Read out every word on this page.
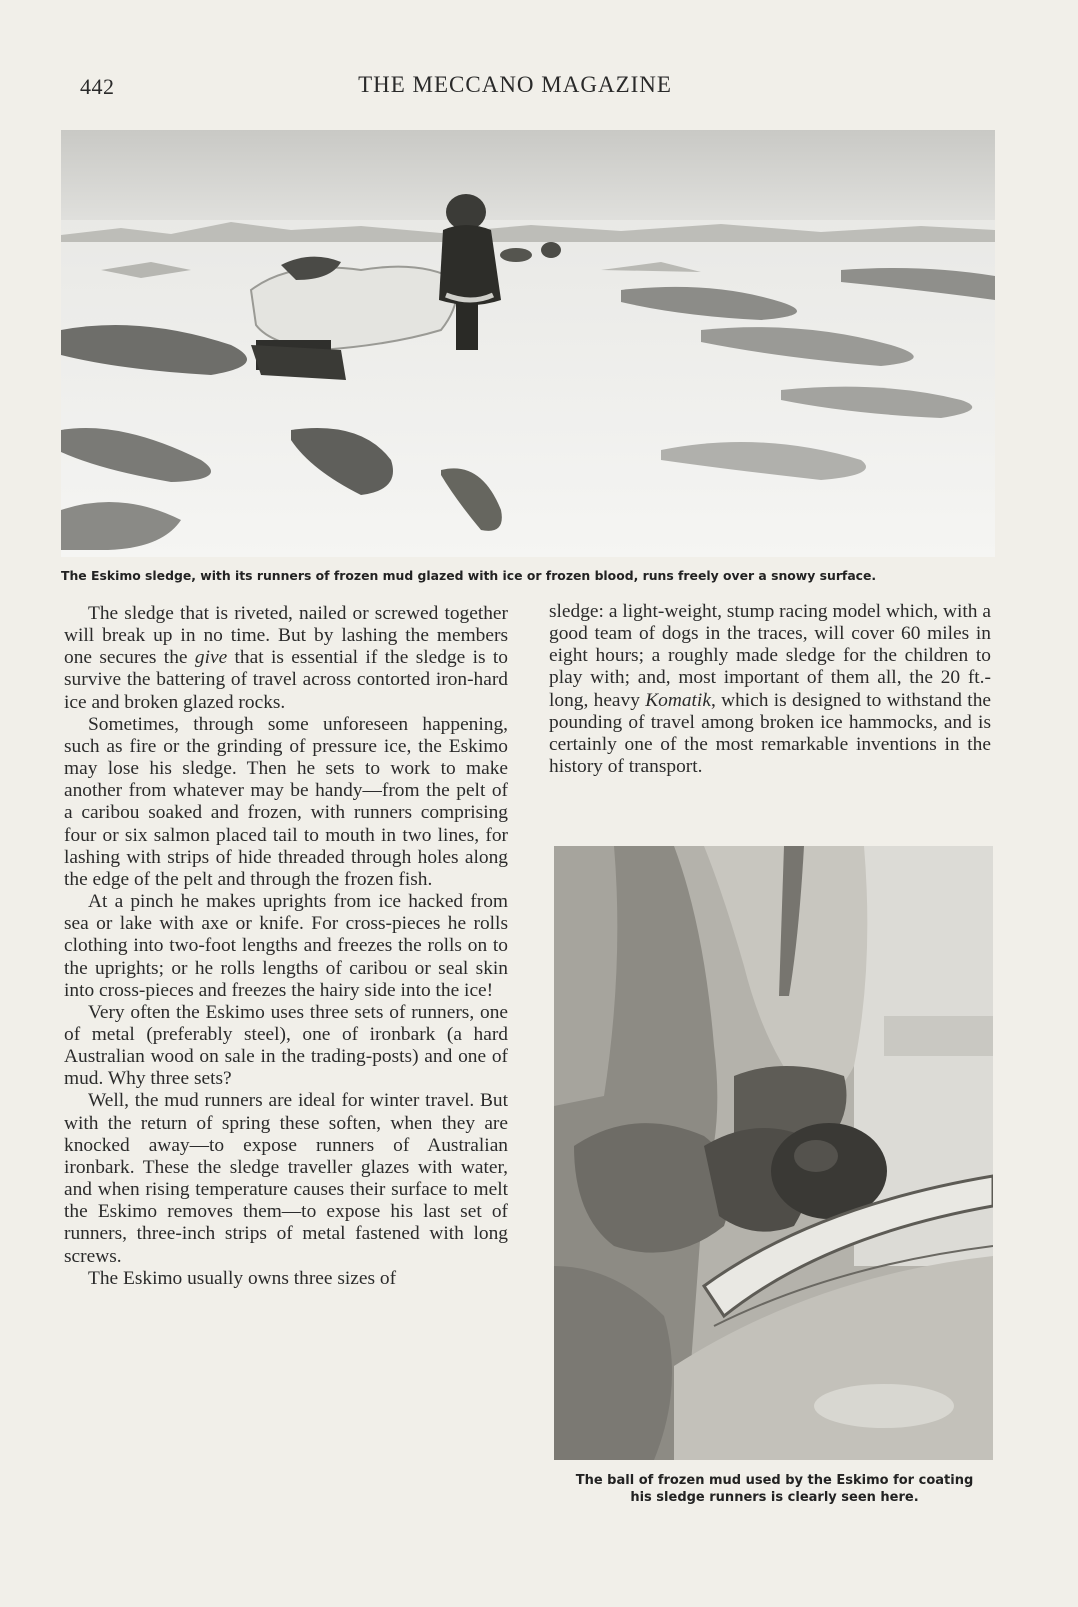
442	THE MECCANO MAGAZINE
The Eskimo sledge, with its runners of frozen mud glazed with ice or frozen blood, runs freely over a snowy surface.

The sledge that is riveted, nailed or screwed together will break up in no time. But by lashing the members one secures the give that is essential if the sledge is to survive the battering of travel across contorted iron-hard ice and broken glazed rocks.

Sometimes, through some unforeseen happening, such as fire or the grinding of pressure ice, the Eskimo may lose his sledge. Then he sets to work to make another from whatever may be handy—from the pelt of a caribou soaked and frozen, with runners comprising four or six salmon placed tail to mouth in two lines, for lashing with strips of hide threaded through holes along the edge of the pelt and through the frozen fish.

At a pinch he makes uprights from ice hacked from sea or lake with axe or knife. For cross-pieces he rolls clothing into two-foot lengths and freezes the rolls on to the uprights; or he rolls lengths of caribou or seal skin into cross-pieces and freezes the hairy side into the ice!

Very often the Eskimo uses three sets of runners, one of metal (preferably steel), one of ironbark (a hard Australian wood on sale in the trading-posts) and one of mud. Why three sets?

Well, the mud runners are ideal for winter travel. But with the return of spring these soften, when they are knocked away—to expose runners of Australian ironbark. These the sledge traveller glazes with water, and when rising temperature causes their surface to melt the Eskimo removes them—to expose his last set of runners, three-inch strips of metal fastened with long screws.

The Eskimo usually owns three sizes of

sledge: a light-weight, stump racing model which, with a good team of dogs in the traces, will cover 60 miles in eight hours; a roughly made sledge for the children to play with; and, most important of them all, the 20 ft.-long, heavy Komatik, which is designed to withstand the pounding of travel among broken ice hammocks, and is certainly one of the most remarkable inventions in the history of transport.

The ball of frozen mud used by the Eskimo for coating
his sledge runners is clearly seen here.
